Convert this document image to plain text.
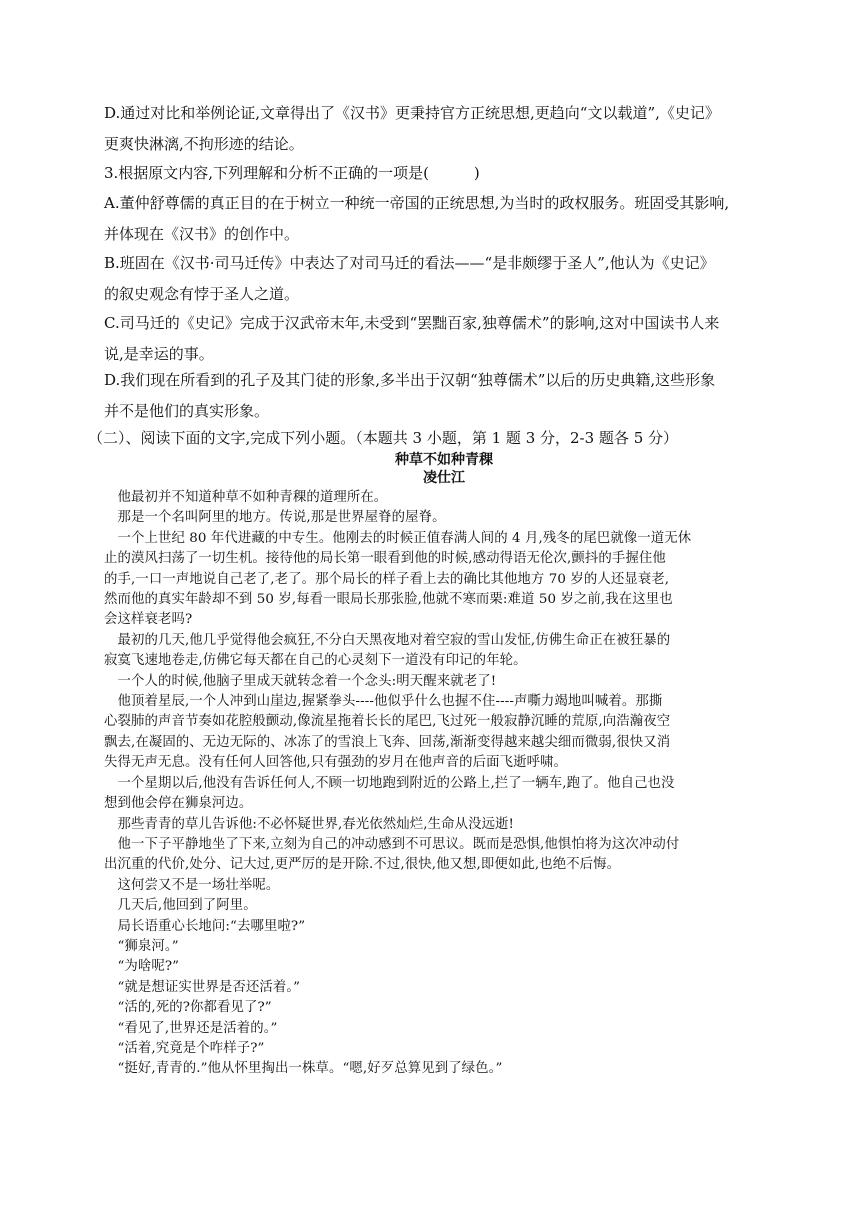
D.通过对比和举例论证,文章得出了《汉书》更秉持官方正统思想,更趋向“文以载道”,《史记》
更爽快淋漓,不拘形迹的结论。
3.根据原文内容,下列理解和分析不正确的一项是(　　　)
A.董仲舒尊儒的真正目的在于树立一种统一帝国的正统思想,为当时的政权服务。班固受其影响,
并体现在《汉书》的创作中。
B.班固在《汉书·司马迁传》中表达了对司马迁的看法——“是非颇缪于圣人”,他认为《史记》
的叙史观念有悖于圣人之道。
C.司马迁的《史记》完成于汉武帝末年,未受到“罢黜百家,独尊儒术”的影响,这对中国读书人来
说,是幸运的事。
D.我们现在所看到的孔子及其门徒的形象,多半出于汉朝“独尊儒术”以后的历史典籍,这些形象
并不是他们的真实形象。
（二）、阅读下面的文字,完成下列小题。（本题共 3 小题，第 1 题 3 分，2-3 题各 5 分）
种草不如种青稞
凌仕江

　他最初并不知道种草不如种青稞的道理所在。

　那是一个名叫阿里的地方。传说,那是世界屋脊的屋脊。

　一个上世纪 80 年代进藏的中专生。他刚去的时候正值春满人间的 4 月,残冬的尾巴就像一道无休

止的漠风扫荡了一切生机。接待他的局长第一眼看到他的时候,感动得语无伦次,颤抖的手握住他

的手,一口一声地说自己老了,老了。那个局长的样子看上去的确比其他地方 70 岁的人还显衰老,

然而他的真实年龄却不到 50 岁,每看一眼局长那张脸,他就不寒而栗:难道 50 岁之前,我在这里也

会这样衰老吗?

　最初的几天,他几乎觉得他会疯狂,不分白天黑夜地对着空寂的雪山发怔,仿佛生命正在被狂暴的

寂寞飞速地卷走,仿佛它每天都在自己的心灵刻下一道没有印记的年轮。

　一个人的时候,他脑子里成天就转念着一个念头:明天醒来就老了!

　他顶着星辰,一个人冲到山崖边,握紧拳头----他似乎什么也握不住----声嘶力竭地叫喊着。那撕

心裂肺的声音节奏如花腔般颤动,像流星拖着长长的尾巴,飞过死一般寂静沉睡的荒原,向浩瀚夜空

飘去,在凝固的、无边无际的、冰冻了的雪浪上飞奔、回荡,渐渐变得越来越尖细而微弱,很快又消

失得无声无息。没有任何人回答他,只有强劲的岁月在他声音的后面飞逝呼啸。

　一个星期以后,他没有告诉任何人,不顾一切地跑到附近的公路上,拦了一辆车,跑了。他自己也没

想到他会停在狮泉河边。

　那些青青的草儿告诉他:不必怀疑世界,春光依然灿烂,生命从没远逝!

　他一下子平静地坐了下来,立刻为自己的冲动感到不可思议。既而是恐惧,他惧怕将为这次冲动付

出沉重的代价,处分、记大过,更严厉的是开除.不过,很快,他又想,即便如此,也绝不后悔。

　这何尝又不是一场壮举呢。

　几天后,他回到了阿里。

　局长语重心长地问:“去哪里啦?”

　“狮泉河。”

　“为啥呢?”

　“就是想证实世界是否还活着。”

　“活的,死的?你都看见了?”

　“看见了,世界还是活着的。”

　“活着,究竟是个咋样子?”

　“挺好,青青的.”他从怀里掏出一株草。“嗯,好歹总算见到了绿色。”
